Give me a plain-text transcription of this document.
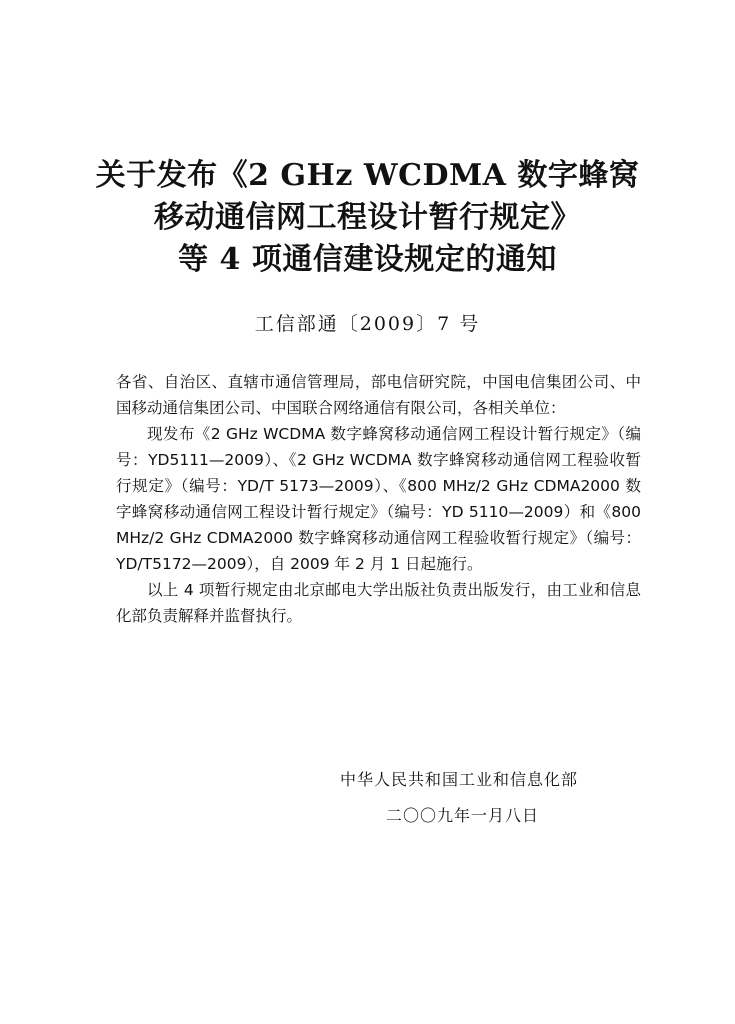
关于发布《2 GHz WCDMA 数字蜂窝
移动通信网工程设计暂行规定》
等 4 项通信建设规定的通知
工信部通〔2009〕7 号

各省、自治区、直辖市通信管理局，部电信研究院，中国电信集团公司、中国移动通信集团公司、中国联合网络通信有限公司，各相关单位：

现发布《2 GHz WCDMA 数字蜂窝移动通信网工程设计暂行规定》（编号：YD5111—2009）、《2 GHz WCDMA 数字蜂窝移动通信网工程验收暂行规定》（编号：YD/T 5173—2009）、《800 MHz/2 GHz CDMA2000 数字蜂窝移动通信网工程设计暂行规定》（编号：YD 5110—2009）和《800 MHz/2 GHz CDMA2000 数字蜂窝移动通信网工程验收暂行规定》（编号：YD/T5172—2009），自 2009 年 2 月 1 日起施行。

以上 4 项暂行规定由北京邮电大学出版社负责出版发行，由工业和信息化部负责解释并监督执行。

中华人民共和国工业和信息化部
二〇〇九年一月八日
